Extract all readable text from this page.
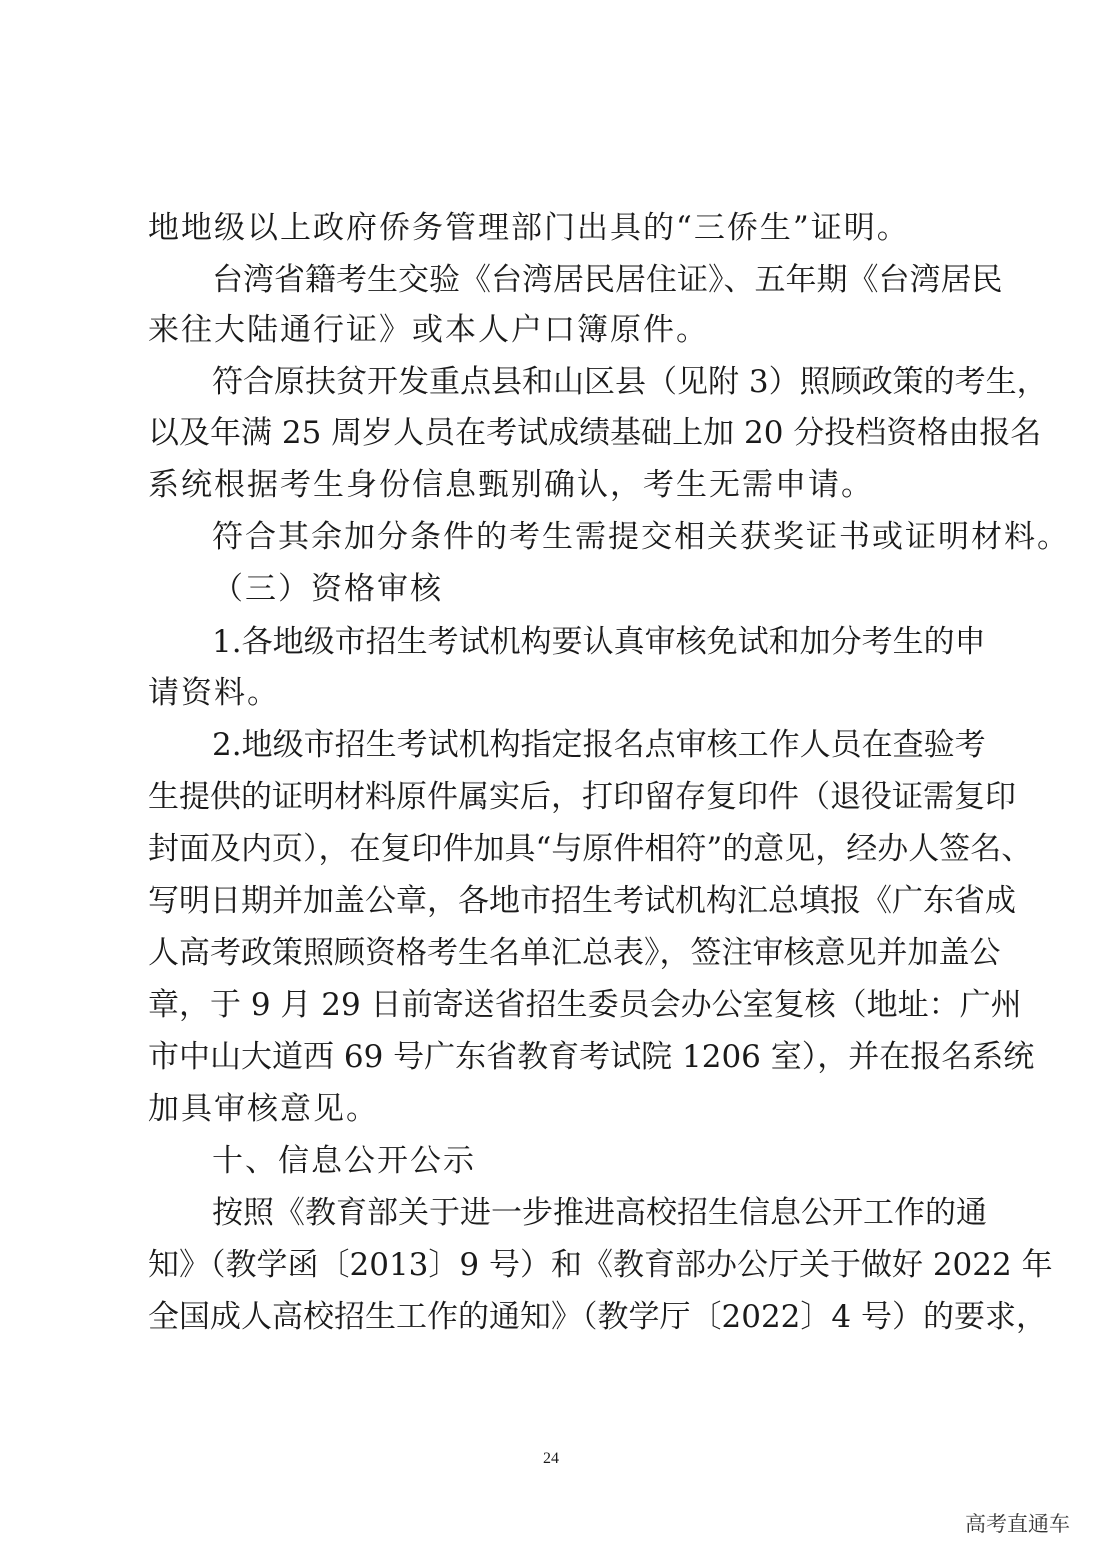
地地级以上政府侨务管理部门出具的“三侨生”证明。
台湾省籍考生交验《台湾居民居住证》、五年期《台湾居民
来往大陆通行证》或本人户口簿原件。
符合原扶贫开发重点县和山区县（见附 3）照顾政策的考生，
以及年满 25 周岁人员在考试成绩基础上加 20 分投档资格由报名
系统根据考生身份信息甄别确认，考生无需申请。
符合其余加分条件的考生需提交相关获奖证书或证明材料。
（三）资格审核
1.各地级市招生考试机构要认真审核免试和加分考生的申
请资料。
2.地级市招生考试机构指定报名点审核工作人员在查验考
生提供的证明材料原件属实后，打印留存复印件（退役证需复印
封面及内页），在复印件加具“与原件相符”的意见，经办人签名、
写明日期并加盖公章，各地市招生考试机构汇总填报《广东省成
人高考政策照顾资格考生名单汇总表》，签注审核意见并加盖公
章，于 9 月 29 日前寄送省招生委员会办公室复核（地址：广州
市中山大道西 69 号广东省教育考试院 1206 室），并在报名系统
加具审核意见。
十、信息公开公示
按照《教育部关于进一步推进高校招生信息公开工作的通
知》（教学函〔2013〕9 号）和《教育部办公厅关于做好 2022 年
全国成人高校招生工作的通知》（教学厅〔2022〕4 号）的要求，
24
高考直通车
